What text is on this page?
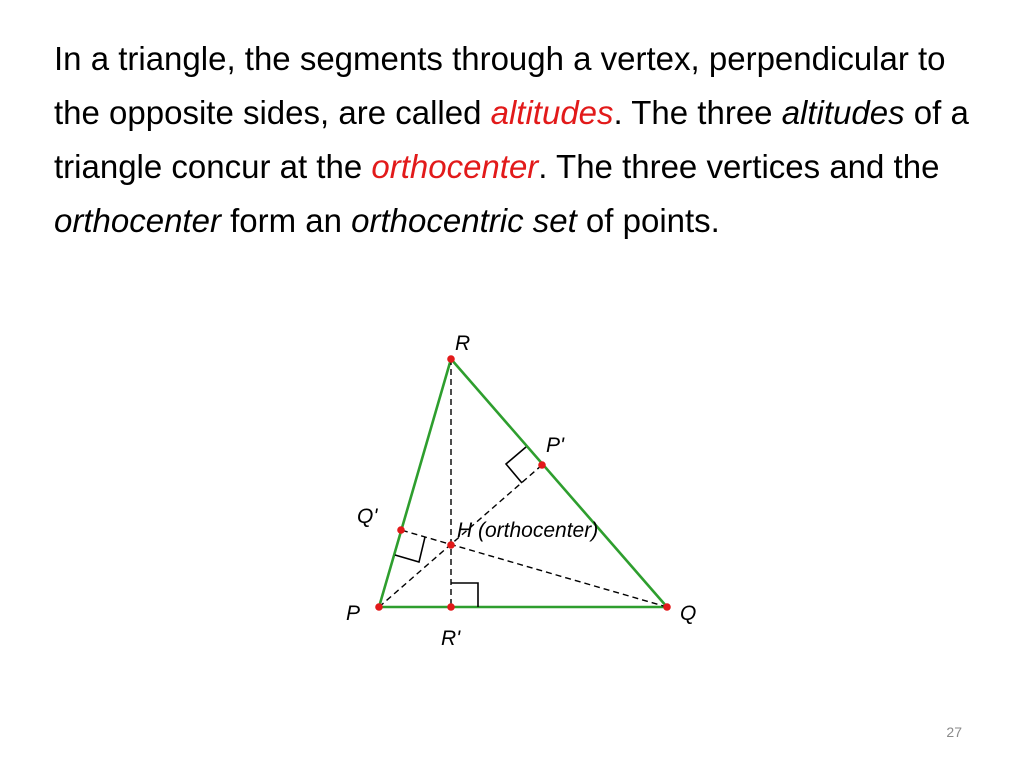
In a triangle, the segments through a vertex, perpendicular to the opposite sides, are called altitudes. The three altitudes of a triangle concur at the orthocenter. The three vertices and the orthocenter form an orthocentric set of points.

R
P'
Q'
H (orthocenter)
P	Q
R'
27
